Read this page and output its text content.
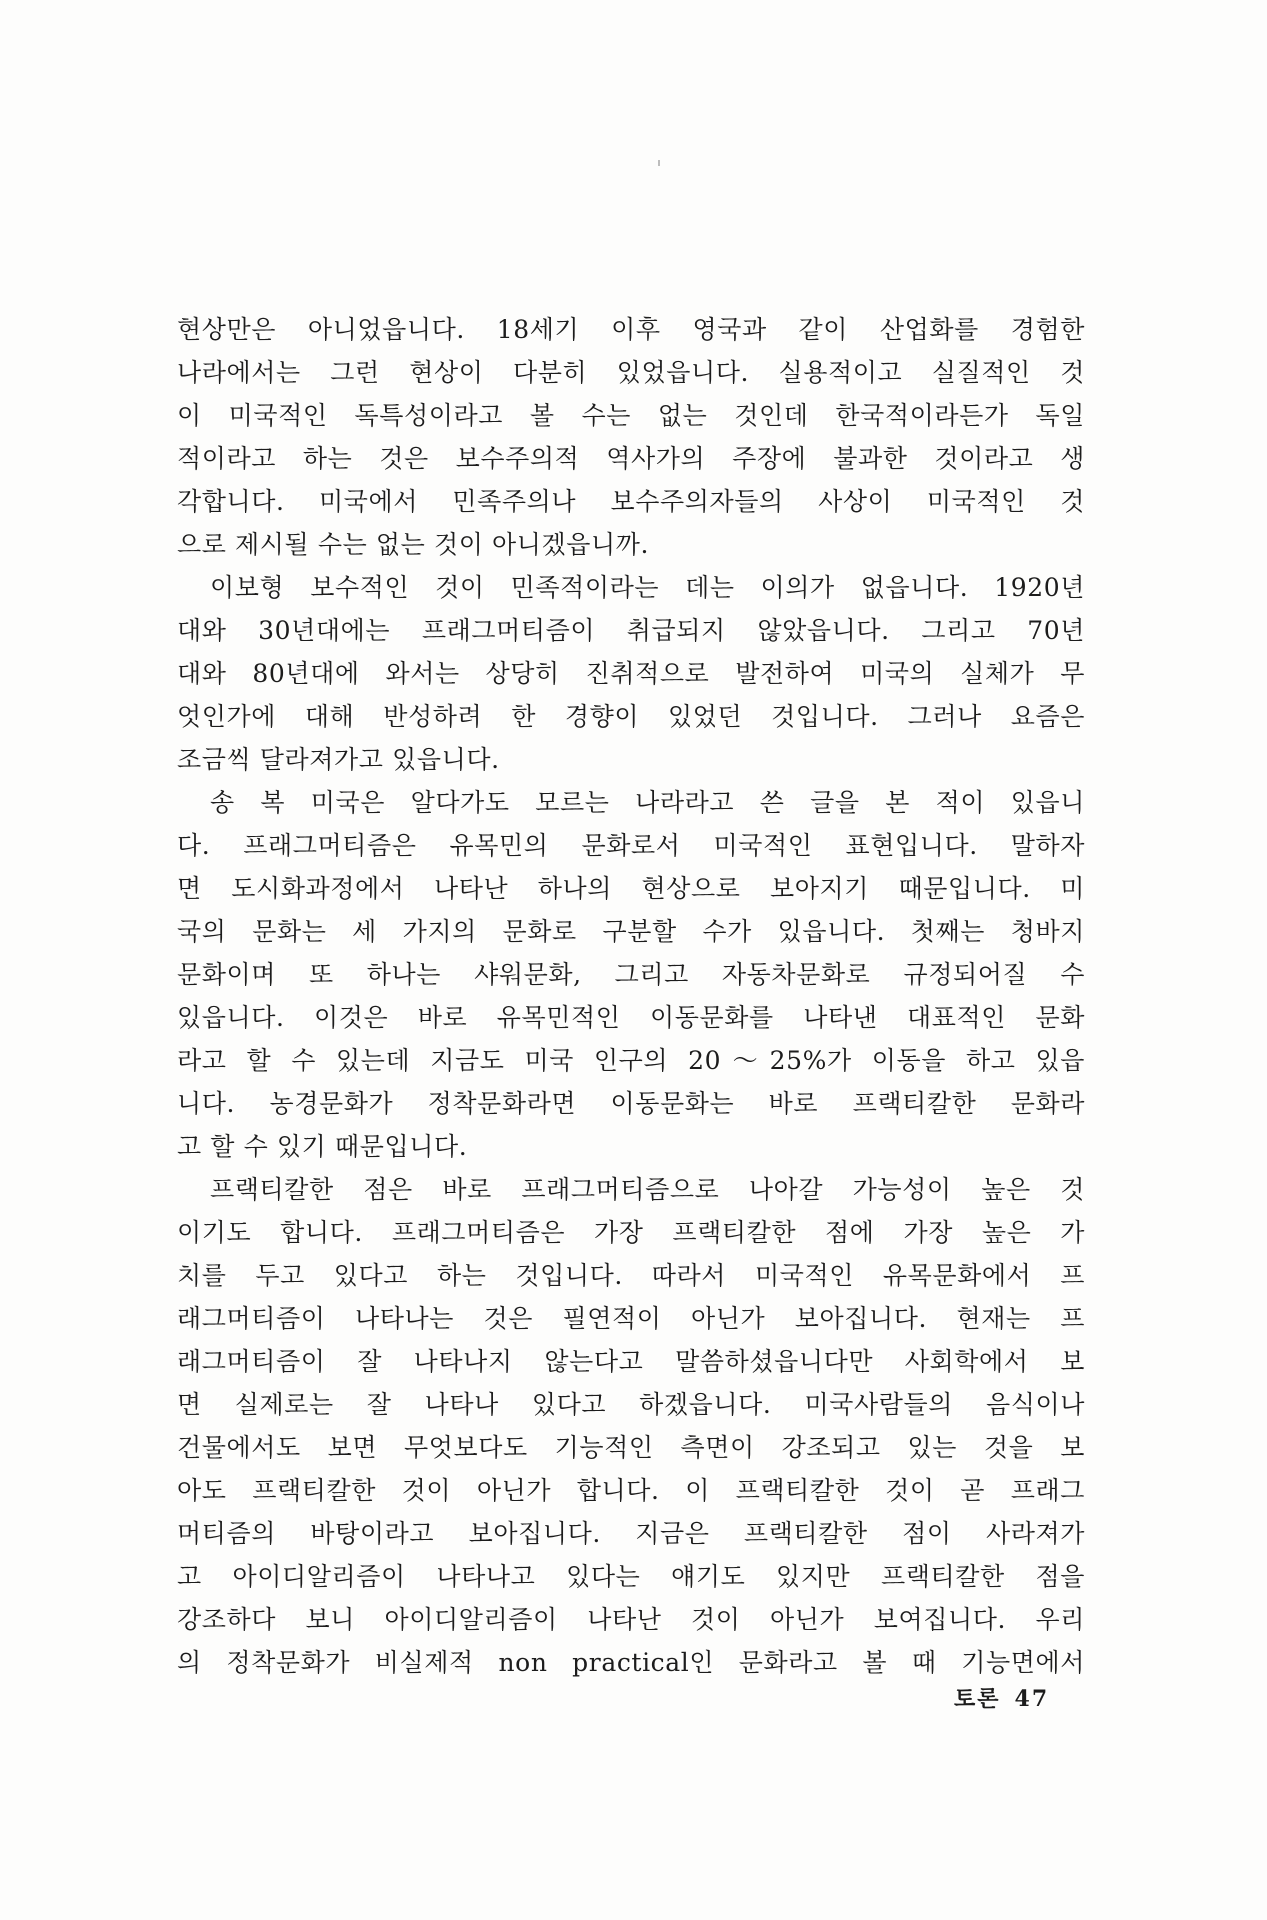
현상만은 아니었읍니다. 18세기 이후 영국과 같이 산업화를 경험한
나라에서는 그런 현상이 다분히 있었읍니다. 실용적이고 실질적인 것
이 미국적인 독특성이라고 볼 수는 없는 것인데 한국적이라든가 독일
적이라고 하는 것은 보수주의적 역사가의 주장에 불과한 것이라고 생
각합니다. 미국에서 민족주의나 보수주의자들의 사상이 미국적인 것
으로 제시될 수는 없는 것이 아니겠읍니까.
이보형 보수적인 것이 민족적이라는 데는 이의가 없읍니다. 1920년
대와 30년대에는 프래그머티즘이 취급되지 않았읍니다. 그리고 70년
대와 80년대에 와서는 상당히 진취적으로 발전하여 미국의 실체가 무
엇인가에 대해 반성하려 한 경향이 있었던 것입니다. 그러나 요즘은
조금씩 달라져가고 있읍니다.
송 복 미국은 알다가도 모르는 나라라고 쓴 글을 본 적이 있읍니
다. 프래그머티즘은 유목민의 문화로서 미국적인 표현입니다. 말하자
면 도시화과정에서 나타난 하나의 현상으로 보아지기 때문입니다. 미
국의 문화는 세 가지의 문화로 구분할 수가 있읍니다. 첫째는 청바지
문화이며 또 하나는 샤워문화, 그리고 자동차문화로 규정되어질 수
있읍니다. 이것은 바로 유목민적인 이동문화를 나타낸 대표적인 문화
라고 할 수 있는데 지금도 미국 인구의 20～25%가 이동을 하고 있읍
니다. 농경문화가 정착문화라면 이동문화는 바로 프랙티칼한 문화라
고 할 수 있기 때문입니다.
프랙티칼한 점은 바로 프래그머티즘으로 나아갈 가능성이 높은 것
이기도 합니다. 프래그머티즘은 가장 프랙티칼한 점에 가장 높은 가
치를 두고 있다고 하는 것입니다. 따라서 미국적인 유목문화에서 프
래그머티즘이 나타나는 것은 필연적이 아닌가 보아집니다. 현재는 프
래그머티즘이 잘 나타나지 않는다고 말씀하셨읍니다만 사회학에서 보
면 실제로는 잘 나타나 있다고 하겠읍니다. 미국사람들의 음식이나
건물에서도 보면 무엇보다도 기능적인 측면이 강조되고 있는 것을 보
아도 프랙티칼한 것이 아닌가 합니다. 이 프랙티칼한 것이 곧 프래그
머티즘의 바탕이라고 보아집니다. 지금은 프랙티칼한 점이 사라져가
고 아이디알리즘이 나타나고 있다는 얘기도 있지만 프랙티칼한 점을
강조하다 보니 아이디알리즘이 나타난 것이 아닌가 보여집니다. 우리
의 정착문화가 비실제적 non practical인 문화라고 볼 때 기능면에서
토론 47
